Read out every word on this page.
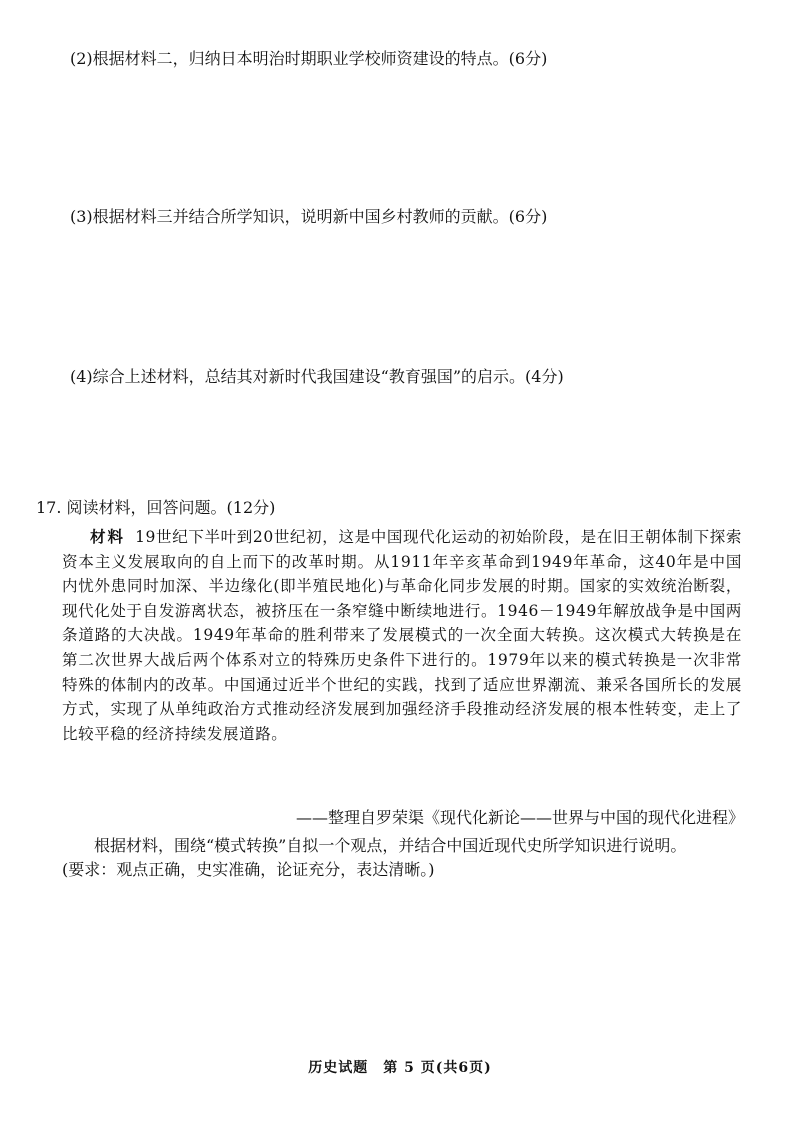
(2)根据材料二，归纳日本明治时期职业学校师资建设的特点。(6分)
(3)根据材料三并结合所学知识，说明新中国乡村教师的贡献。(6分)
(4)综合上述材料，总结其对新时代我国建设“教育强国”的启示。(4分)
17. 阅读材料，回答问题。(12分)
材料 19世纪下半叶到20世纪初，这是中国现代化运动的初始阶段，是在旧王朝体制下探索资本主义发展取向的自上而下的改革时期。从1911年辛亥革命到1949年革命，这40年是中国内忧外患同时加深、半边缘化(即半殖民地化)与革命化同步发展的时期。国家的实效统治断裂，现代化处于自发游离状态，被挤压在一条窄缝中断续地进行。1946－1949年解放战争是中国两条道路的大决战。1949年革命的胜利带来了发展模式的一次全面大转换。这次模式大转换是在第二次世界大战后两个体系对立的特殊历史条件下进行的。1979年以来的模式转换是一次非常特殊的体制内的改革。中国通过近半个世纪的实践，找到了适应世界潮流、兼采各国所长的发展方式，实现了从单纯政治方式推动经济发展到加强经济手段推动经济发展的根本性转变，走上了比较平稳的经济持续发展道路。
——整理自罗荣渠《现代化新论——世界与中国的现代化进程》
根据材料，围绕“模式转换”自拟一个观点，并结合中国近现代史所学知识进行说明。
(要求：观点正确，史实准确，论证充分，表达清晰。)
历史试题　第 5 页(共6页)
